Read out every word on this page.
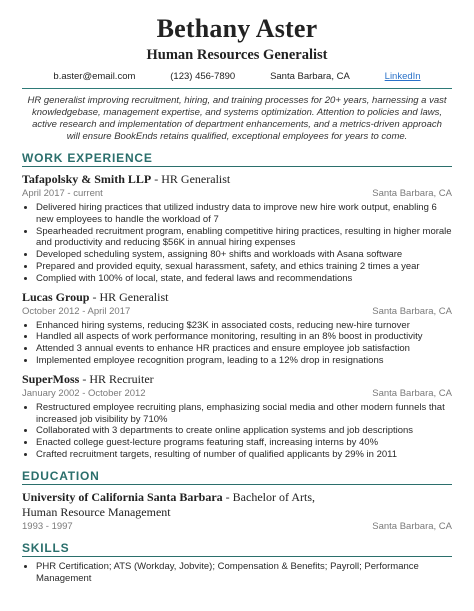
Bethany Aster
Human Resources Generalist
b.aster@email.com	(123) 456-7890	Santa Barbara, CA	LinkedIn
HR generalist improving recruitment, hiring, and training processes for 20+ years, harnessing a vast knowledgebase, management expertise, and systems optimization. Attention to policies and laws, active research and implementation of department enhancements, and a metrics-driven approach will ensure BookEnds retains qualified, exceptional employees for years to come.
WORK EXPERIENCE
Tafapolsky & Smith LLP - HR Generalist
April 2017 - current	Santa Barbara, CA
• Delivered hiring practices that utilized industry data to improve new hire work output, enabling 6 new employees to handle the workload of 7
• Spearheaded recruitment program, enabling competitive hiring practices, resulting in higher morale and productivity and reducing $56K in annual hiring expenses
• Developed scheduling system, assigning 80+ shifts and workloads with Asana software
• Prepared and provided equity, sexual harassment, safety, and ethics training 2 times a year
• Complied with 100% of local, state, and federal laws and recommendations
Lucas Group - HR Generalist
October 2012 - April 2017	Santa Barbara, CA
• Enhanced hiring systems, reducing $23K in associated costs, reducing new-hire turnover
• Handled all aspects of work performance monitoring, resulting in an 8% boost in productivity
• Attended 3 annual events to enhance HR practices and ensure employee job satisfaction
• Implemented employee recognition program, leading to a 12% drop in resignations
SuperMoss - HR Recruiter
January 2002 - October 2012	Santa Barbara, CA
• Restructured employee recruiting plans, emphasizing social media and other modern funnels that increased job visibility by 710%
• Collaborated with 3 departments to create online application systems and job descriptions
• Enacted college guest-lecture programs featuring staff, increasing interns by 40%
• Crafted recruitment targets, resulting of number of qualified applicants by 29% in 2011
EDUCATION
University of California Santa Barbara - Bachelor of Arts,
Human Resource Management
1993 - 1997	Santa Barbara, CA
SKILLS
• PHR Certification; ATS (Workday, Jobvite); Compensation & Benefits; Payroll; Performance Management
